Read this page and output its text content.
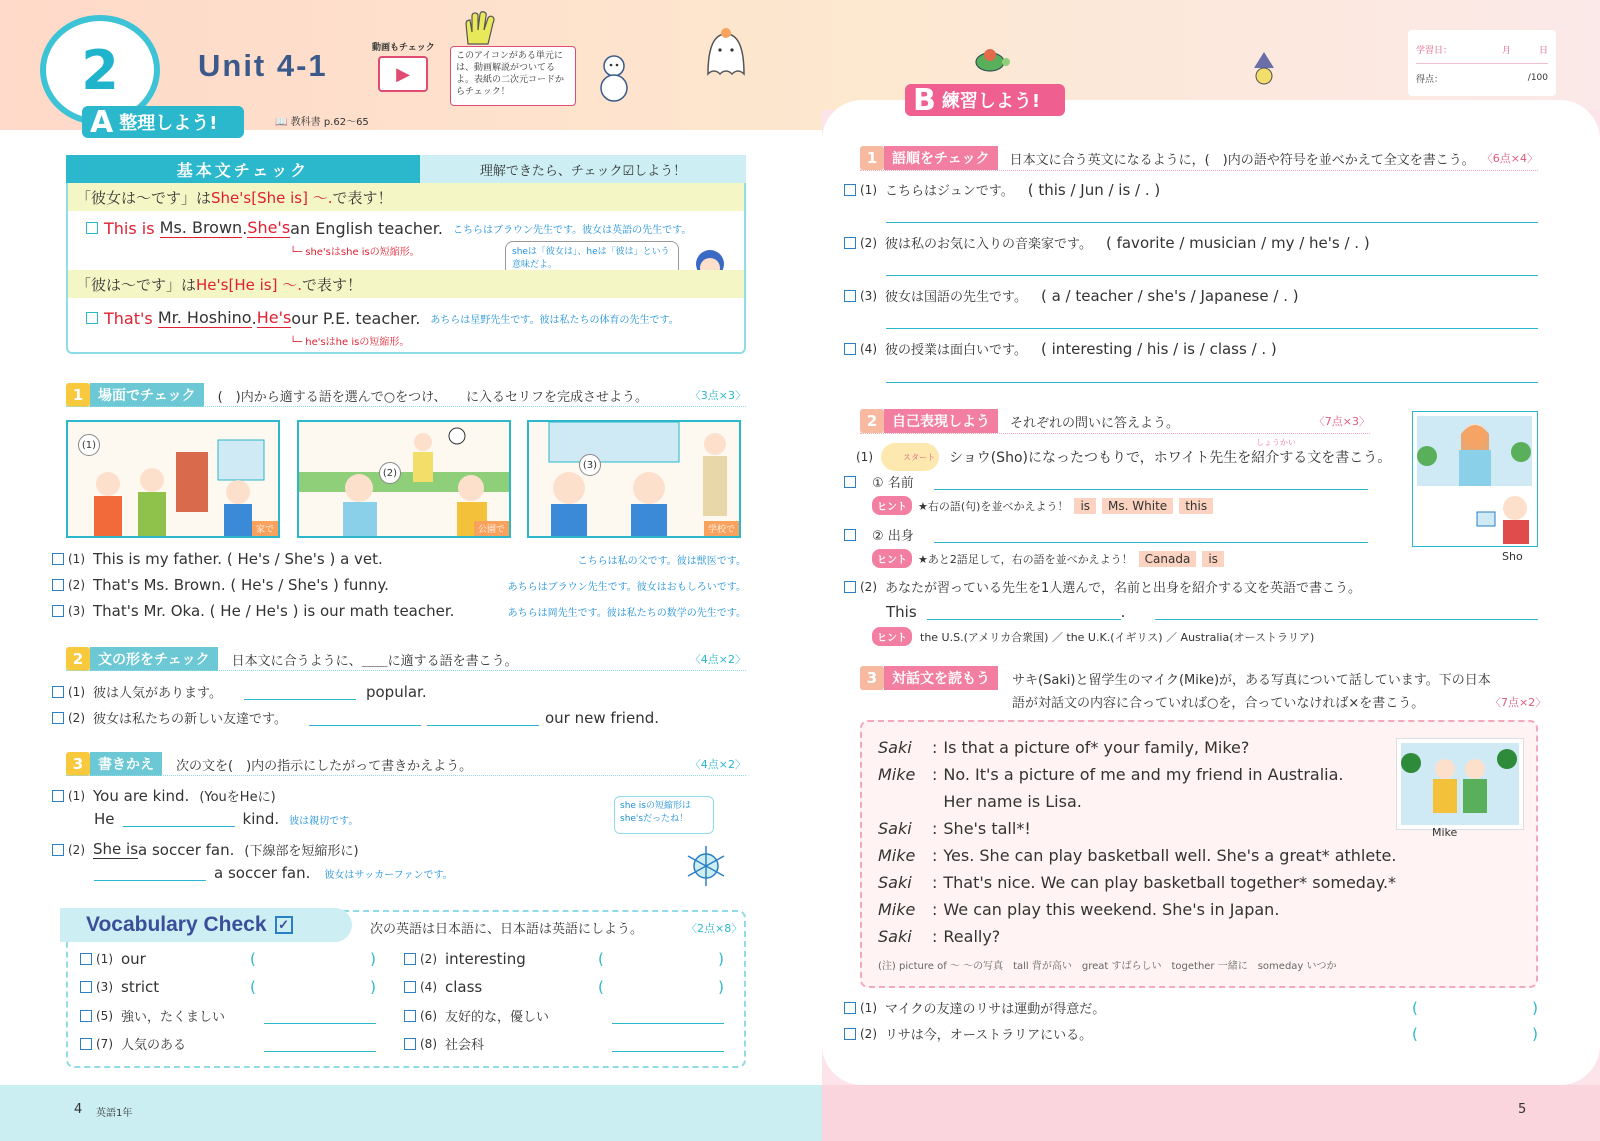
2	Unit 4-1	動画もチェック
▶
このアイコンがある単元には、動画解説がついてるよ。表紙の二次元コードからチェック！
A 整理しよう!	📖 教科書 p.62〜65
B 練習しよう!
学習日：	月	日
得点：	/100
基本文チェック	理解できたら、チェック☑しよう！
「彼女は〜です」は She's[She is] 〜. で表す！
This is
Ms. Brown . She's an English teacher. こちらはブラウン先生です。彼女は英語の先生です。
└─ she'sはshe isの短縮形。	sheは「彼女は」、heは「彼は」という意味だよ。
「彼は〜です」は He's[He is] 〜. で表す！
That's
Mr. Hoshino . He's our P.E. teacher. あちらは星野先生です。彼は私たちの体育の先生です。
└─ he'sはhe isの短縮形。
1	場面でチェック	(　)内から適する語を選んで○をつけ、　　に入るセリフを完成させよう。	〈3点×3〉
(1)
家で
(2)
公園で
(3)
学校で
(1) This is my father. ( He's / She's ) a vet.	こちらは私の父です。彼は獣医です。
(2) That's Ms. Brown. ( He's / She's ) funny.	あちらはブラウン先生です。彼女はおもしろいです。
(3) That's Mr. Oka. ( He / He's ) is our math teacher.	あちらは岡先生です。彼は私たちの数学の先生です。
2	文の形をチェック	日本文に合うように、＿＿に適する語を書こう。	〈4点×2〉
(1) 彼は人気があります。	popular.
(2) 彼女は私たちの新しい友達です。	our new friend.
3	書きかえ	次の文を(　)内の指示にしたがって書きかえよう。	〈4点×2〉
(1) You are kind. (YouをHeに)
He	kind. 彼は親切です。
(2) She is a soccer fan. (下線部を短縮形に)
a soccer fan. 彼女はサッカーファンです。
she isの短縮形はshe'sだったね！
Vocabulary Check ✓	次の英語は日本語に、日本語は英語にしよう。	〈2点×8〉
(1) our	(	)	(2) interesting	(	)
(3) strict	(	)	(4) class	(	)
(5) 強い，たくましい	(6) 友好的な，優しい
(7) 人気のある	(8) 社会科
1	語順をチェック	日本文に合う英文になるように，(　)内の語や符号を並べかえて全文を書こう。 〈6点×4〉
(1) こちらはジュンです。 ( this / Jun / is / . )
(2) 彼は私のお気に入りの音楽家です。 ( favorite / musician / my / he's / . )
(3) 彼女は国語の先生です。 ( a / teacher / she's / Japanese / . )
(4) 彼の授業は面白いです。 ( interesting / his / is / class / . )
2	自己表現しよう	それぞれの問いに答えよう。	〈7点×3〉
Sho
しょうかい
(1)	スタート ショウ(Sho)になったつもりで，ホワイト先生を紹介する文を書こう。
① 名前
ヒント	★右の語(句)を並べかえよう！	is	Ms. White	this
② 出身
ヒント	★あと2語足して，右の語を並べかえよう！	Canada	is
(2) あなたが習っている先生を1人選んで，名前と出身を紹介する文を英語で書こう。
This	.
ヒント	the U.S.(アメリカ合衆国) ／ the U.K.(イギリス) ／ Australia(オーストラリア)
3	対話文を読もう	サキ(Saki)と留学生のマイク(Mike)が，ある写真について話しています。下の日本
語が対話文の内容に合っていれば○を，合っていなければ×を書こう。	〈7点×2〉
Mike
Saki	: Is that a picture of* your family, Mike?
Mike	: No. It's a picture of me and my friend in Australia.
Her name is Lisa.
Saki	: She's tall*!
Mike	: Yes. She can play basketball well. She's a great* athlete.
Saki	: That's nice. We can play basketball together* someday.*
Mike	: We can play this weekend. She's in Japan.
Saki	: Really?
(注) picture of 〜 〜の写真　tall 背が高い　great すばらしい　together 一緒に　someday いつか
(1) マイクの友達のリサは運動が得意だ。	(	)
(2) リサは今，オーストラリアにいる。	(	)
4 英語1年	5
